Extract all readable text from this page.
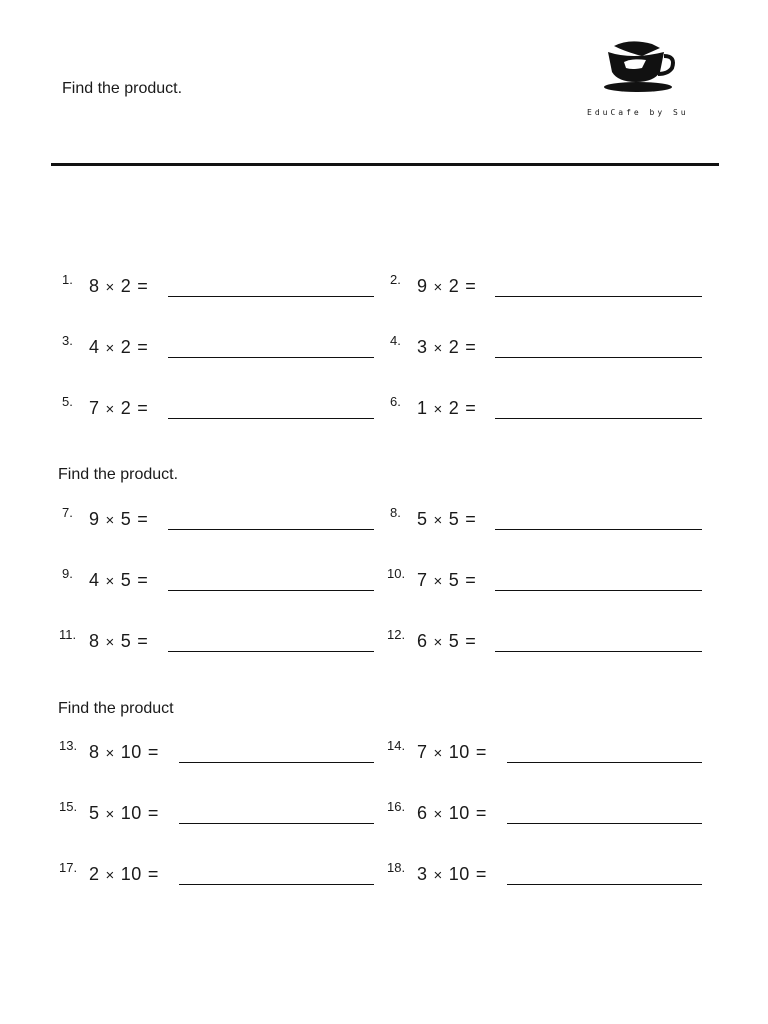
Find the product.
EduCafe by Su
1. 8 × 2 =	2. 9 × 2 =
3. 4 × 2 =	4. 3 × 2 =
5. 7 × 2 =	6. 1 × 2 =
Find the product.
7. 9 × 5 =	8. 5 × 5 =
9. 4 × 5 =	10. 7 × 5 =
11. 8 × 5 =	12. 6 × 5 =
Find the product
13. 8 × 10 =	14. 7 × 10 =
15. 5 × 10 =	16. 6 × 10 =
17. 2 × 10 =	18. 3 × 10 =
